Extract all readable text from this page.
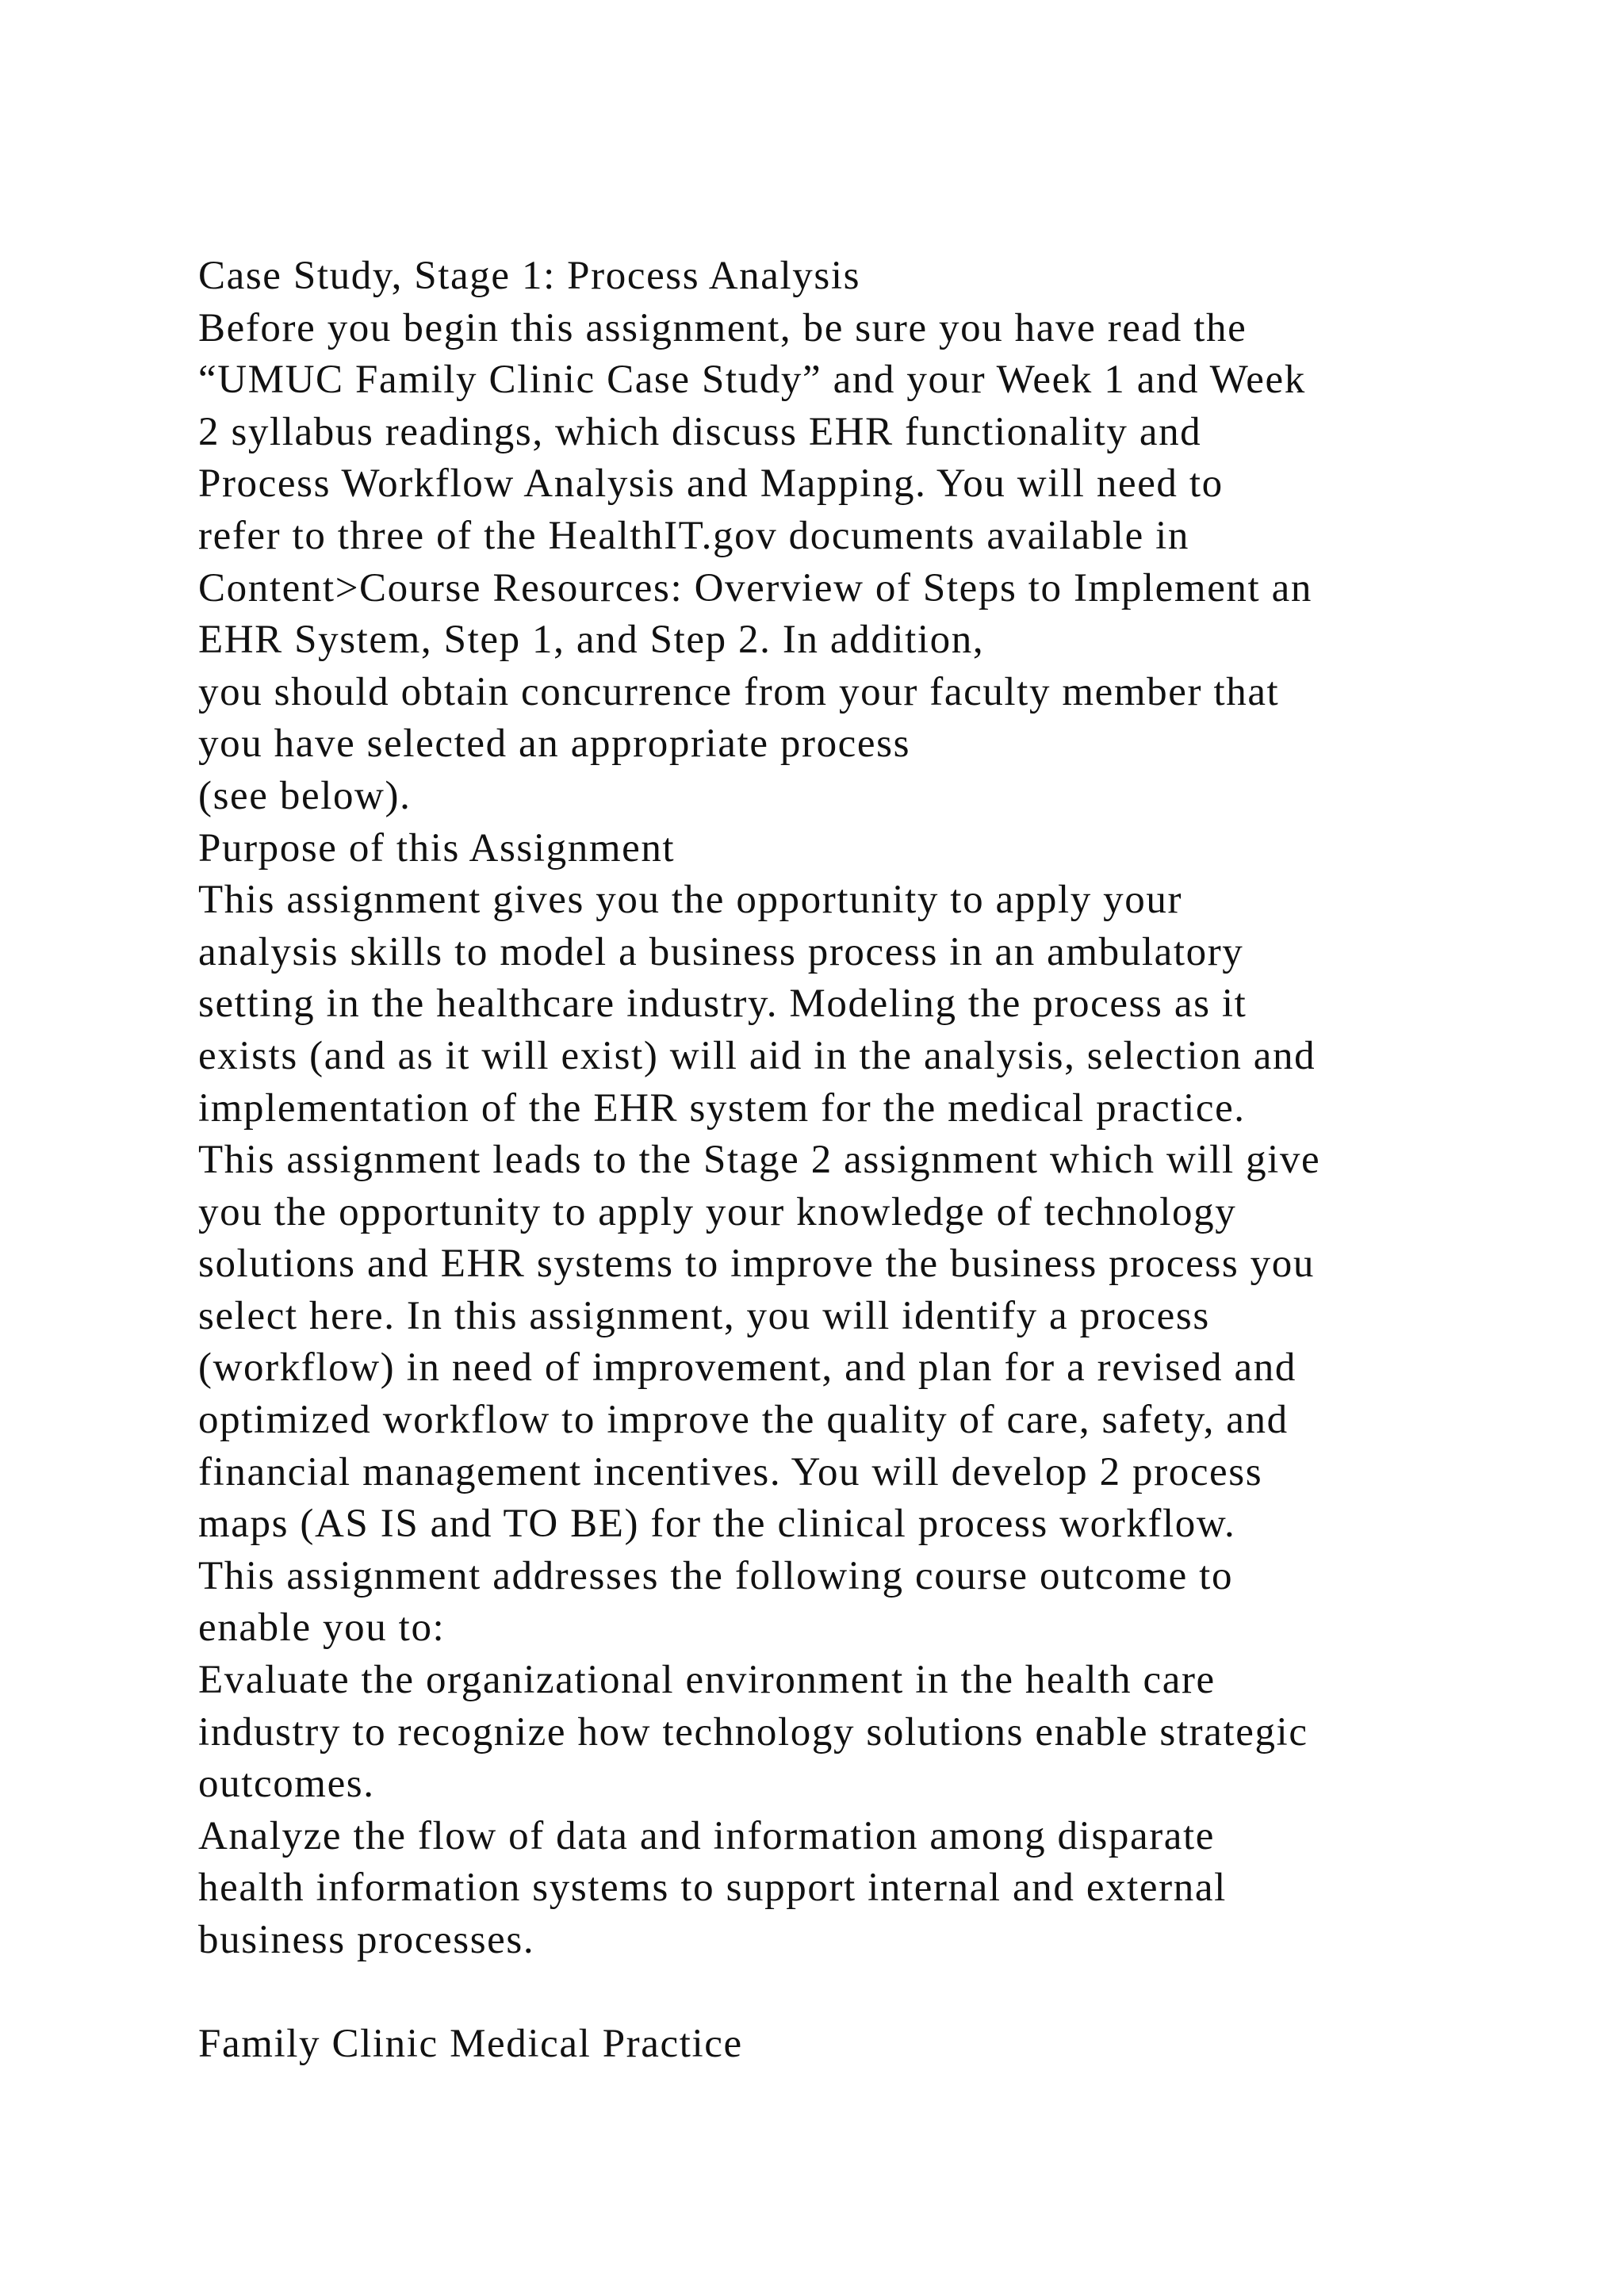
Case Study, Stage 1: Process Analysis
Before you begin this assignment, be sure you have read the
“UMUC Family Clinic Case Study” and your Week 1 and Week
2 syllabus readings, which discuss EHR functionality and
Process Workflow Analysis and Mapping. You will need to
refer to three of the HealthIT.gov documents available in
Content>Course Resources: Overview of Steps to Implement an
EHR System, Step 1, and Step 2. In addition,
you should obtain concurrence from your faculty member that
you have selected an appropriate process
(see below).
Purpose of this Assignment
This assignment gives you the opportunity to apply your
analysis skills to model a business process in an ambulatory
setting in the healthcare industry. Modeling the process as it
exists (and as it will exist) will aid in the analysis, selection and
implementation of the EHR system for the medical practice.
This assignment leads to the Stage 2 assignment which will give
you the opportunity to apply your knowledge of technology
solutions and EHR systems to improve the business process you
select here. In this assignment, you will identify a process
(workflow) in need of improvement, and plan for a revised and
optimized workflow to improve the quality of care, safety, and
financial management incentives. You will develop 2 process
maps (AS IS and TO BE) for the clinical process workflow.
This assignment addresses the following course outcome to
enable you to:
Evaluate the organizational environment in the health care
industry to recognize how technology solutions enable strategic
outcomes.
Analyze the flow of data and information among disparate
health information systems to support internal and external
business processes.
Family Clinic Medical Practice
